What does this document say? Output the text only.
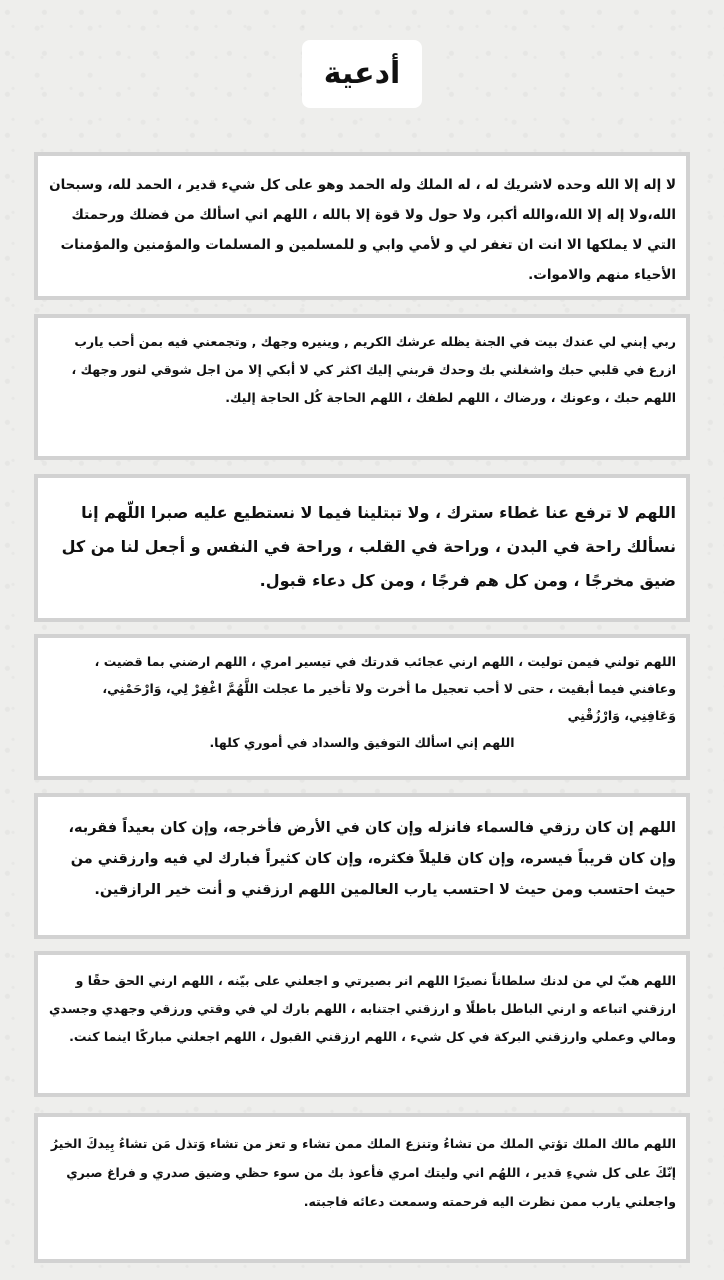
أدعية

لا إله إلا الله وحده لاشريك له ، له الملك وله الحمد وهو على كل شيء قدير ، الحمد لله، وسبحان الله،ولا إله إلا الله،والله أكبر، ولا حول ولا قوة إلا بالله ، اللهم اني اسألك من فضلك ورحمتك التي لا يملكها الا انت ان تغفر لي و لأمي وابي و للمسلمين و المسلمات والمؤمنين والمؤمنات الأحياء منهم والاموات.

ربي إبني لي عندك بيت في الجنة يظله عرشك الكريم , وينيره وجهك , وتجمعني فيه بمن أحب يارب ازرع في قلبي حبك واشغلني بك وحدك قربني إليك اكثر كي لا أبكي إلا من اجل شوقي لنور وجهك ، اللهم حبك ، وعونك ، ورضاك ، اللهم لطفك ، اللهم الحاجة كُل الحاجة إليك.

اللهم لا ترفع عنا غطاء سترك ، ولا تبتلينا فيما لا نستطيع عليه صبرا اللّهم إنا نسألك راحة في البدن ، وراحة في القلب ، وراحة في النفس و أجعل لنا من كل ضيق مخرجًا ، ومن كل هم فرجًا ، ومن كل دعاء قبول.

اللهم تولني فيمن توليت ، اللهم ارني عجائب قدرتك في تيسير امري ، اللهم ارضني بما قضيت ، وعافني فيما أبقيت ، حتى لا أحب تعجيل ما أخرت ولا تأخير ما عجلت اللَّهُمَّ اغْفِرْ لِي، وَارْحَمْنِي، وَعَافِنِي، وَارْزُقْنِي

اللهم إني اسألك التوفيق والسداد في أموري كلها.

اللهم إن كان رزقي فالسماء فانزله وإن كان في الأرض فأخرجه، وإن كان بعيداً فقربه، وإن كان قريباً فيسره، وإن كان قليلاً فكثره، وإن كان كثيراً فبارك لي فيه وارزقني من حيث احتسب ومن حيث لا احتسب يارب العالمين اللهم ارزقني و أنت خير الرازقين.

اللهم هبّ لي من لدنك سلطاناً نصيرًا اللهم انر بصيرتي و اجعلني على بيّنه ، اللهم ارني الحق حقًا و ارزقني اتباعه و ارني الباطل باطلًا و ارزقني اجتنابه ، اللهم بارك لي في وقتي ورزقي وجهدي وجسدي ومالي وعملي وارزقني البركة في كل شيء ، اللهم ارزقني القبول ، اللهم اجعلني مباركًا اينما كنت.

اللهم مالك الملك تؤتي الملك من تشاءُ وتنزع الملك ممن تشاء و تعز من تشاء وَتذل مَن تشاءُ بِيدكَ الخيرُ إنّكَ على كل شيءِ قدير ، اللهُم اني وليتك امري فأعوذ بك من سوء حظي وضيق صدري و فراغ صبري واجعلني يارب ممن نظرت اليه فرحمته وسمعت دعائه فاجبته.
